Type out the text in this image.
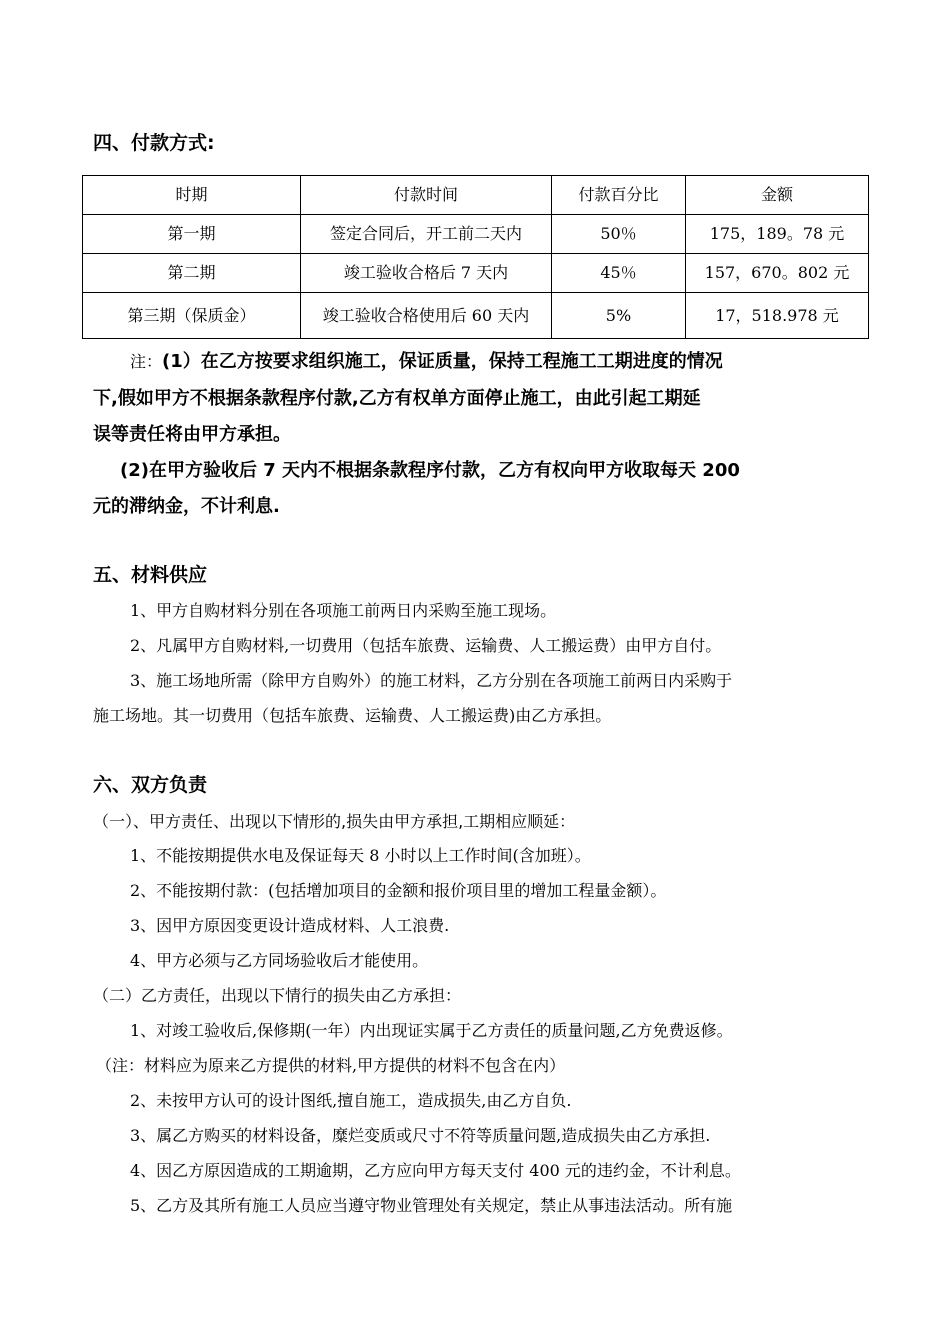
四、付款方式:
时期	付款时间	付款百分比	金额
第一期	签定合同后，开工前二天内	50％	175，189。78 元
第二期	竣工验收合格后 7 天内	45％	157，670。802 元
第三期（保质金）	竣工验收合格使用后 60 天内	5%	17，518.978 元
注：(1）在乙方按要求组织施工，保证质量，保持工程施工工期进度的情况
下,假如甲方不根据条款程序付款,乙方有权单方面停止施工，由此引起工期延
误等责任将由甲方承担。
(2)在甲方验收后 7 天内不根据条款程序付款，乙方有权向甲方收取每天 200
元的滞纳金，不计利息.
五、材料供应
1、甲方自购材料分别在各项施工前两日内采购至施工现场。
2、凡属甲方自购材料,一切费用（包括车旅费、运输费、人工搬运费）由甲方自付。
3、施工场地所需（除甲方自购外）的施工材料，乙方分别在各项施工前两日内采购于
施工场地。其一切费用（包括车旅费、运输费、人工搬运费)由乙方承担。
六、双方负责
（一）、甲方责任、出现以下情形的,损失由甲方承担,工期相应顺延：
1、不能按期提供水电及保证每天 8 小时以上工作时间(含加班）。
2、不能按期付款：(包括增加项目的金额和报价项目里的增加工程量金额）。
3、因甲方原因变更设计造成材料、人工浪费.
4、甲方必须与乙方同场验收后才能使用。
（二）乙方责任，出现以下情行的损失由乙方承担：
1、对竣工验收后,保修期(一年）内出现证实属于乙方责任的质量问题,乙方免费返修。
（注：材料应为原来乙方提供的材料,甲方提供的材料不包含在内）
2、未按甲方认可的设计图纸,擅自施工，造成损失,由乙方自负.
3、属乙方购买的材料设备，糜烂变质或尺寸不符等质量问题,造成损失由乙方承担.
4、因乙方原因造成的工期逾期，乙方应向甲方每天支付 400 元的违约金，不计利息。
5、乙方及其所有施工人员应当遵守物业管理处有关规定，禁止从事违法活动。所有施
